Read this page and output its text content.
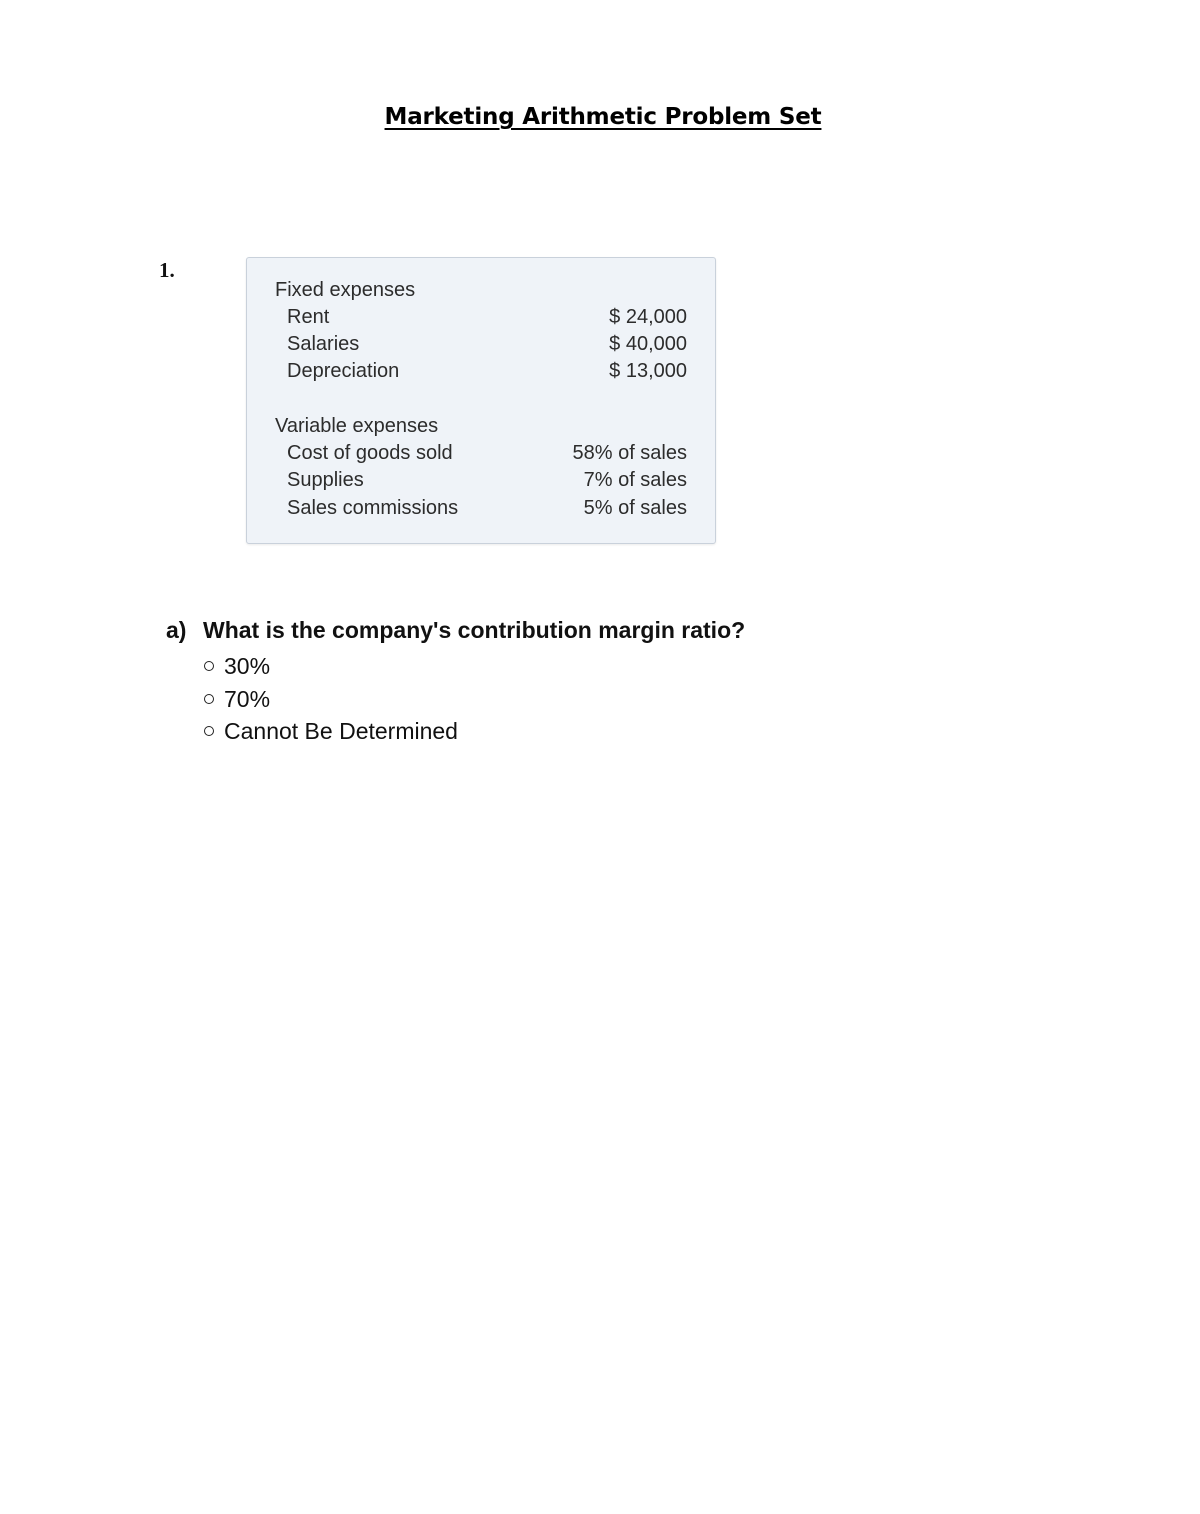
Marketing Arithmetic Problem Set
1.
Fixed expenses
Rent	$ 24,000
Salaries	$ 40,000
Depreciation	$ 13,000
Variable expenses
Cost of goods sold	58% of sales
Supplies	7% of sales
Sales commissions	5% of sales
a) What is the company's contribution margin ratio?
30%
70%
Cannot Be Determined
